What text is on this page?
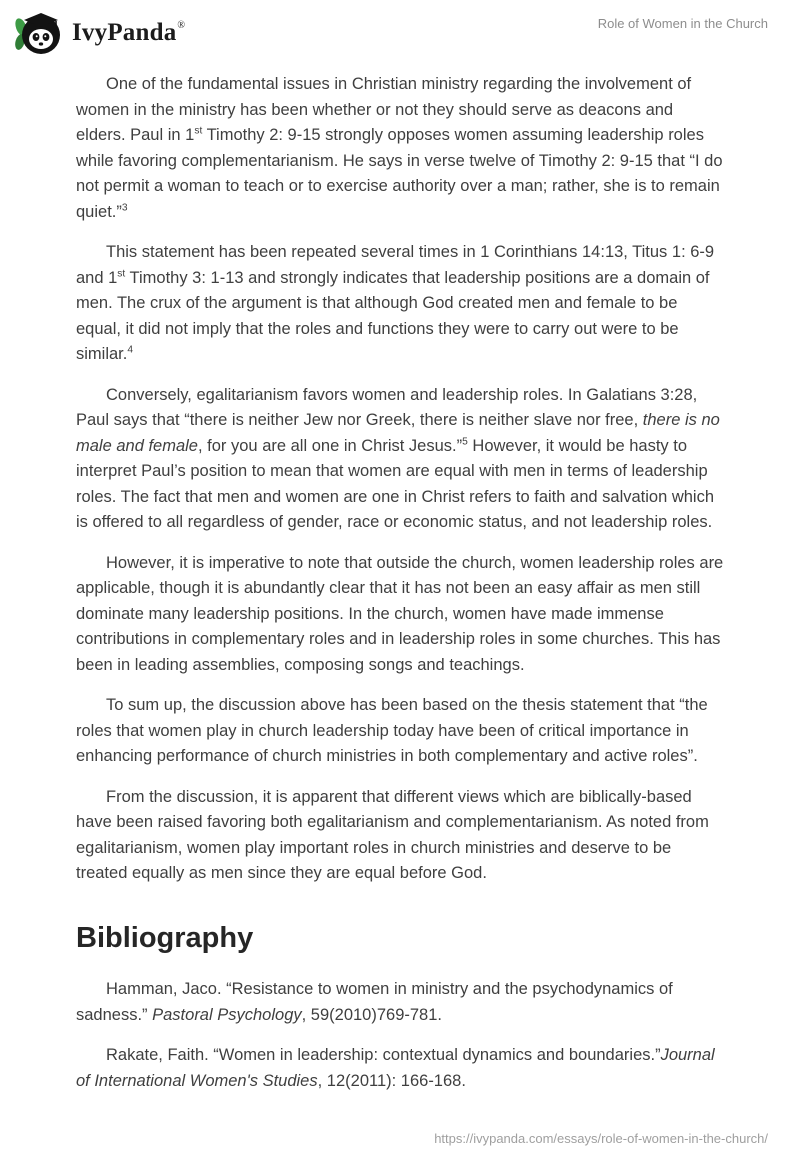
IvyPanda®	Role of Women in the Church

One of the fundamental issues in Christian ministry regarding the involvement of women in the ministry has been whether or not they should serve as deacons and elders. Paul in 1st Timothy 2: 9-15 strongly opposes women assuming leadership roles while favoring complementarianism. He says in verse twelve of Timothy 2: 9-15 that “I do not permit a woman to teach or to exercise authority over a man; rather, she is to remain quiet.”$^3$

This statement has been repeated several times in 1 Corinthians 14:13, Titus 1: 6-9 and 1st Timothy 3: 1-13 and strongly indicates that leadership positions are a domain of men. The crux of the argument is that although God created men and female to be equal, it did not imply that the roles and functions they were to carry out were to be similar.$^4$

Conversely, egalitarianism favors women and leadership roles. In Galatians 3:28, Paul says that “there is neither Jew nor Greek, there is neither slave nor free, there is no male and female, for you are all one in Christ Jesus.”$^5$ However, it would be hasty to interpret Paul’s position to mean that women are equal with men in terms of leadership roles. The fact that men and women are one in Christ refers to faith and salvation which is offered to all regardless of gender, race or economic status, and not leadership roles.

However, it is imperative to note that outside the church, women leadership roles are applicable, though it is abundantly clear that it has not been an easy affair as men still dominate many leadership positions. In the church, women have made immense contributions in complementary roles and in leadership roles in some churches. This has been in leading assemblies, composing songs and teachings.

To sum up, the discussion above has been based on the thesis statement that “the roles that women play in church leadership today have been of critical importance in enhancing performance of church ministries in both complementary and active roles”.

From the discussion, it is apparent that different views which are biblically-based have been raised favoring both egalitarianism and complementarianism. As noted from egalitarianism, women play important roles in church ministries and deserve to be treated equally as men since they are equal before God.

Bibliography

Hamman, Jaco. “Resistance to women in ministry and the psychodynamics of sadness.” Pastoral Psychology, 59(2010)769-781.

Rakate, Faith. “Women in leadership: contextual dynamics and boundaries.”Journal of International Women's Studies, 12(2011): 166-168.

https://ivypanda.com/essays/role-of-women-in-the-church/
